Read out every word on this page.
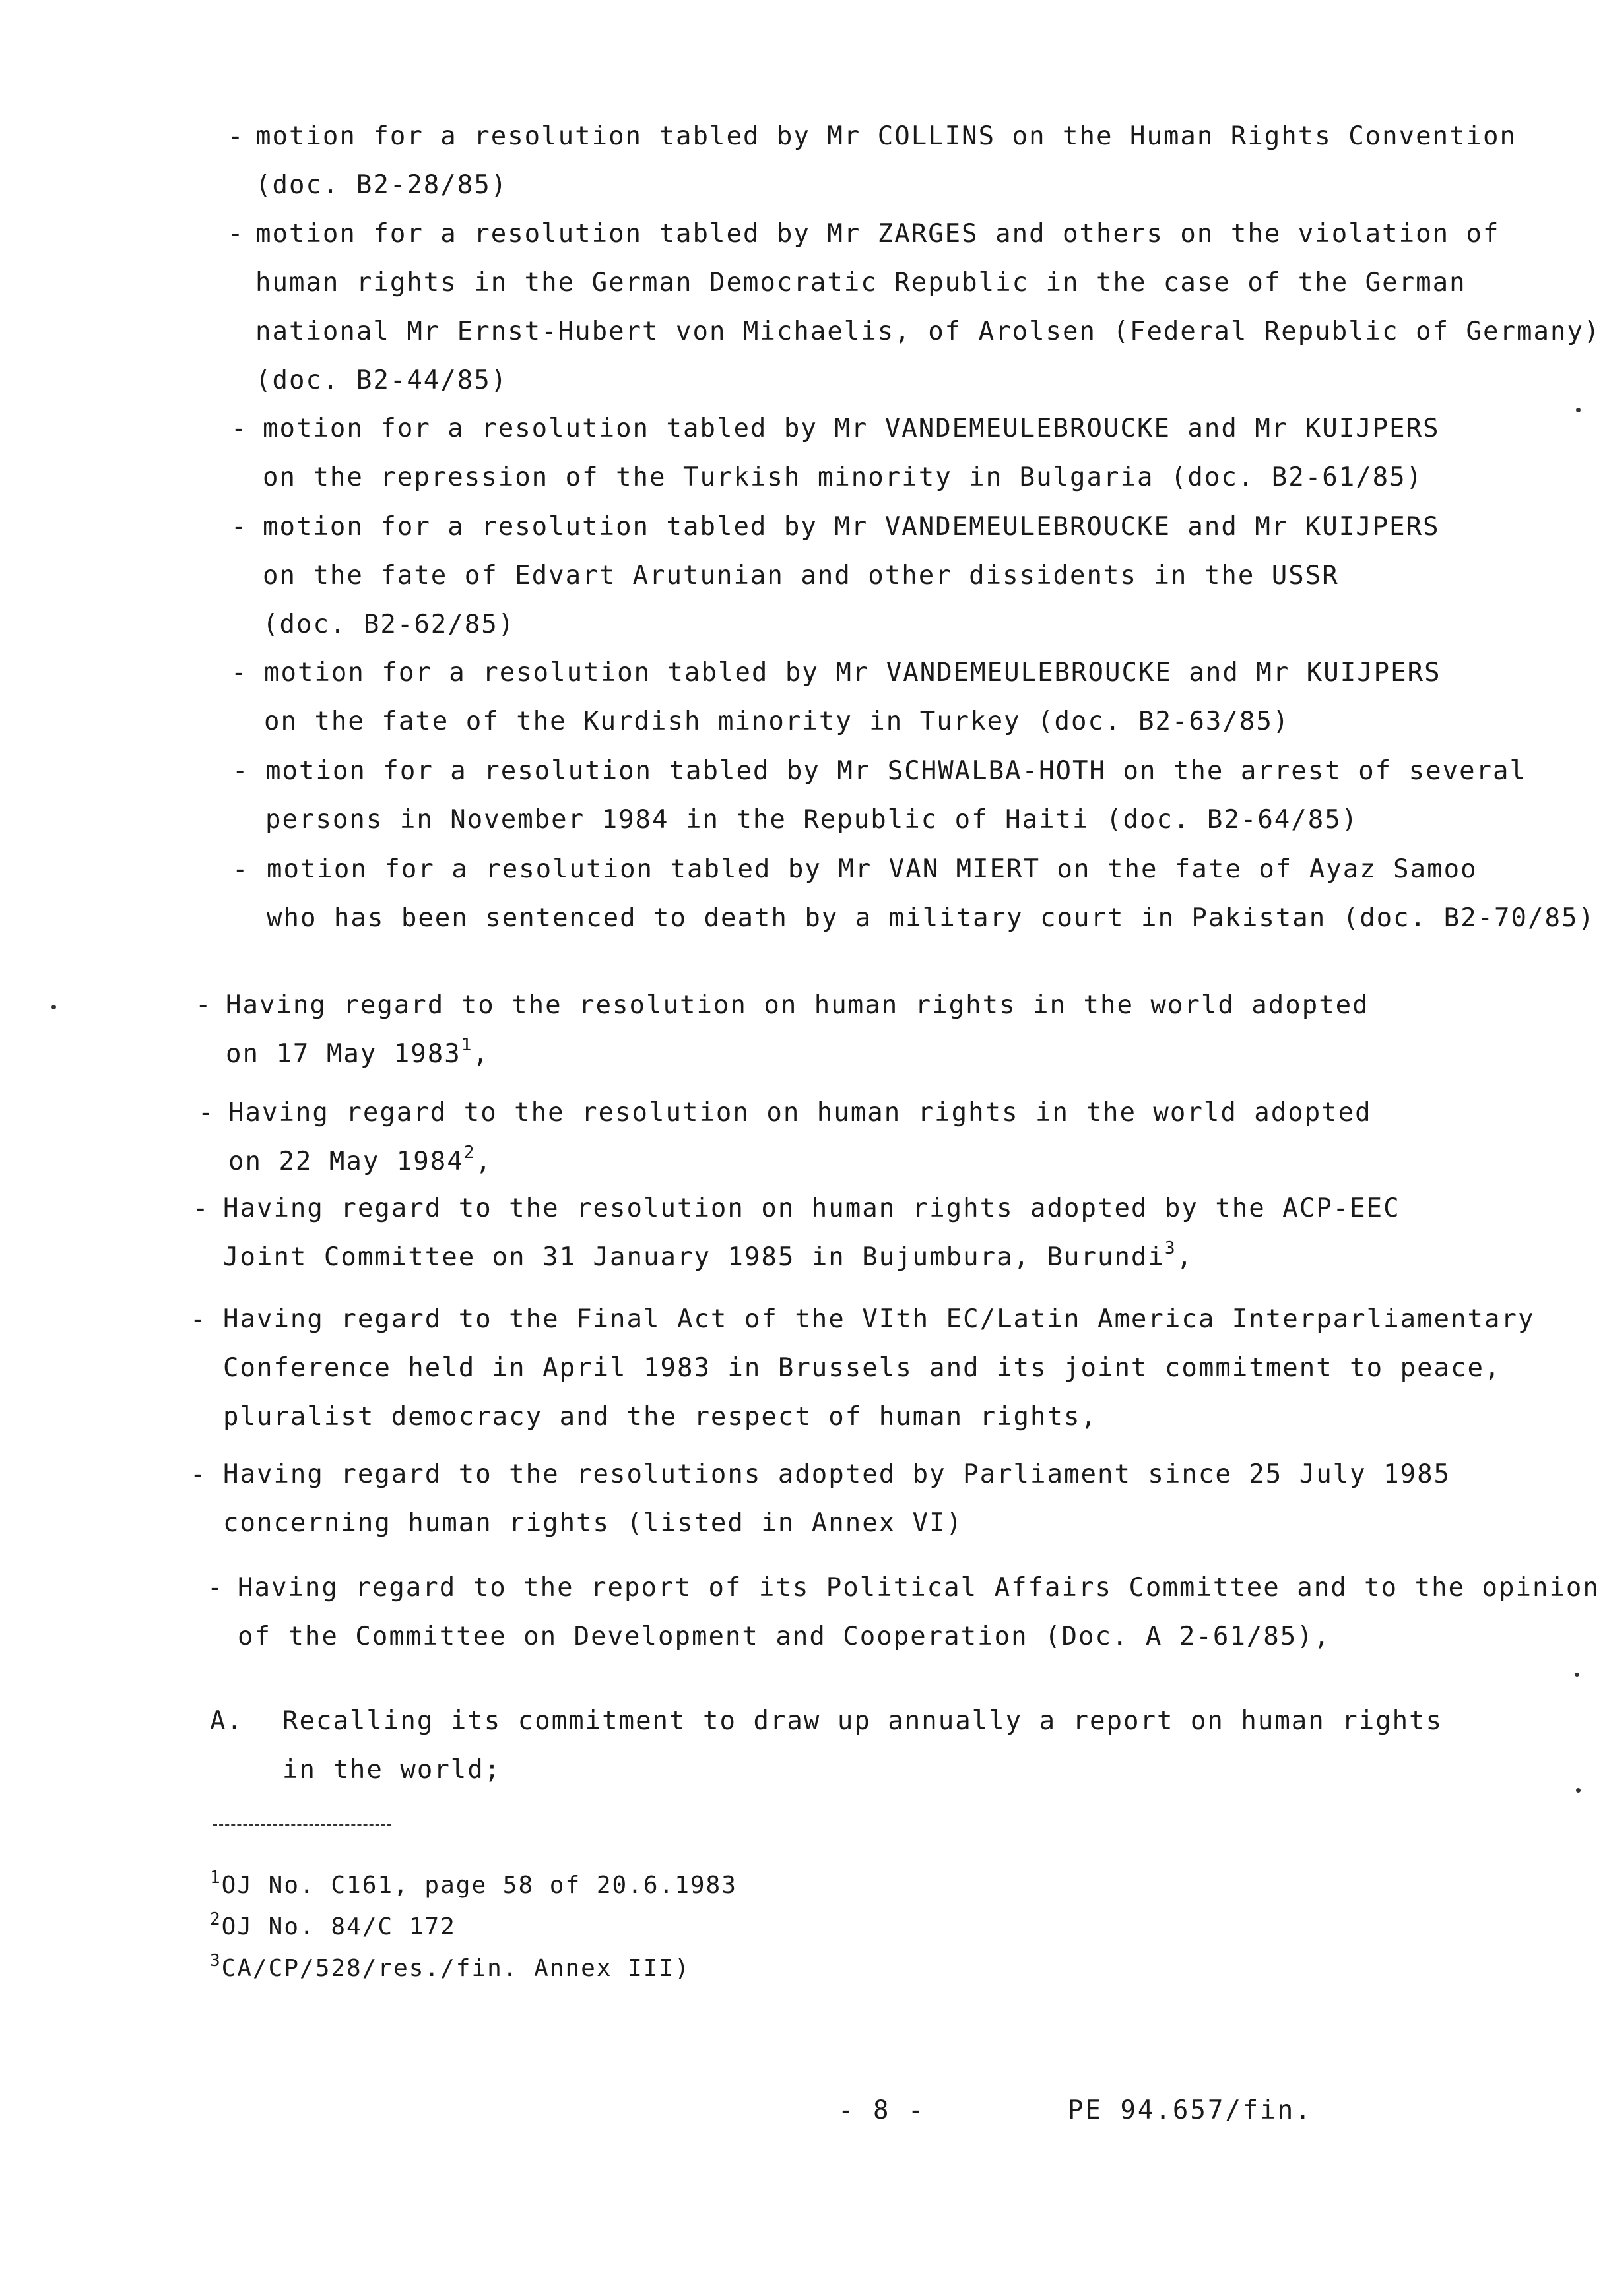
- motion for a resolution tabled by Mr COLLINS on the Human Rights Convention
(doc. B2-28/85)

- motion for a resolution tabled by Mr ZARGES and others on the violation of
human rights in the German Democratic Republic in the case of the German
national Mr Ernst-Hubert von Michaelis, of Arolsen (Federal Republic of Germany)
(doc. B2-44/85)

- motion for a resolution tabled by Mr VANDEMEULEBROUCKE and Mr KUIJPERS
on the repression of the Turkish minority in Bulgaria (doc. B2-61/85)

- motion for a resolution tabled by Mr VANDEMEULEBROUCKE and Mr KUIJPERS
on the fate of Edvart Arutunian and other dissidents in the USSR
(doc. B2-62/85)

- motion for a resolution tabled by Mr VANDEMEULEBROUCKE and Mr KUIJPERS
on the fate of the Kurdish minority in Turkey (doc. B2-63/85)

- motion for a resolution tabled by Mr SCHWALBA-HOTH on the arrest of several
persons in November 1984 in the Republic of Haiti (doc. B2-64/85)

- motion for a resolution tabled by Mr VAN MIERT on the fate of Ayaz Samoo
who has been sentenced to death by a military court in Pakistan (doc. B2-70/85)

- Having regard to the resolution on human rights in the world adopted
on 17 May 1983$^1$,

- Having regard to the resolution on human rights in the world adopted
on 22 May 1984$^2$,

- Having regard to the resolution on human rights adopted by the ACP-EEC
Joint Committee on 31 January 1985 in Bujumbura, Burundi$^3$,

- Having regard to the Final Act of the VIth EC/Latin America Interparliamentary
Conference held in April 1983 in Brussels and its joint commitment to peace,
pluralist democracy and the respect of human rights,

- Having regard to the resolutions adopted by Parliament since 25 July 1985
concerning human rights (listed in Annex VI)

- Having regard to the report of its Political Affairs Committee and to the opinion
of the Committee on Development and Cooperation (Doc. A 2-61/85),

A.	Recalling its commitment to draw up annually a report on human rights
in the world;

$^1$OJ No. C161, page 58 of 20.6.1983
$^2$OJ No. 84/C 172
$^3$CA/CP/528/res./fin. Annex III)
- 8 -	PE 94.657/fin.
